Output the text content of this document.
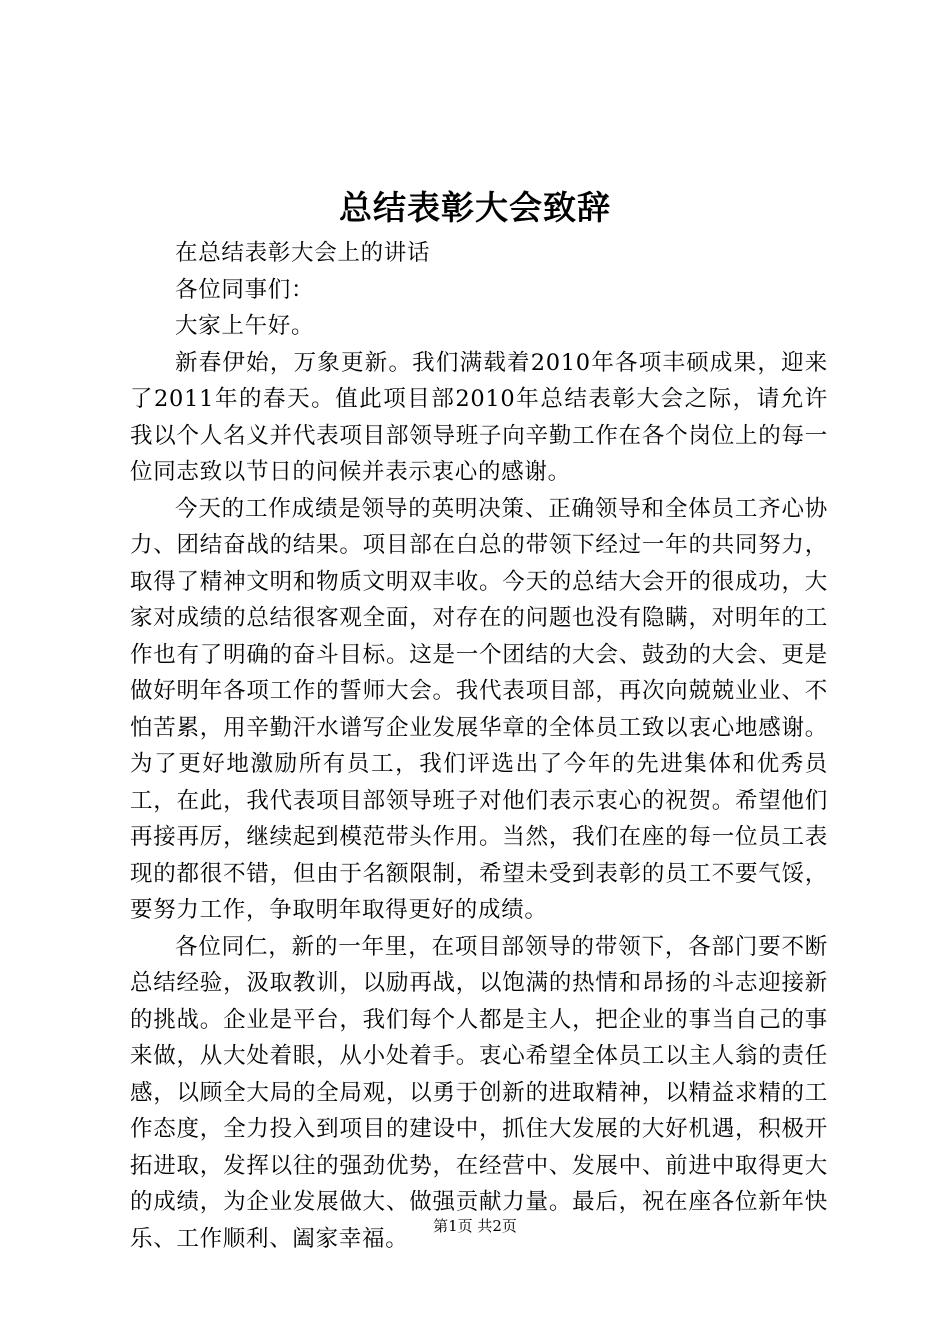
总结表彰大会致辞

在总结表彰大会上的讲话

各位同事们：

大家上午好。

新春伊始，万象更新。我们满载着2010年各项丰硕成果，迎来了2011年的春天。值此项目部2010年总结表彰大会之际，请允许我以个人名义并代表项目部领导班子向辛勤工作在各个岗位上的每一位同志致以节日的问候并表示衷心的感谢。

今天的工作成绩是领导的英明决策、正确领导和全体员工齐心协力、团结奋战的结果。项目部在白总的带领下经过一年的共同努力，取得了精神文明和物质文明双丰收。今天的总结大会开的很成功，大家对成绩的总结很客观全面，对存在的问题也没有隐瞒，对明年的工作也有了明确的奋斗目标。这是一个团结的大会、鼓劲的大会、更是做好明年各项工作的誓师大会。我代表项目部，再次向兢兢业业、不怕苦累，用辛勤汗水谱写企业发展华章的全体员工致以衷心地感谢。为了更好地激励所有员工，我们评选出了今年的先进集体和优秀员工，在此，我代表项目部领导班子对他们表示衷心的祝贺。希望他们再接再厉，继续起到模范带头作用。当然，我们在座的每一位员工表现的都很不错，但由于名额限制，希望未受到表彰的员工不要气馁，要努力工作，争取明年取得更好的成绩。

各位同仁，新的一年里，在项目部领导的带领下，各部门要不断总结经验，汲取教训，以励再战，以饱满的热情和昂扬的斗志迎接新的挑战。企业是平台，我们每个人都是主人，把企业的事当自己的事来做，从大处着眼，从小处着手。衷心希望全体员工以主人翁的责任感，以顾全大局的全局观，以勇于创新的进取精神，以精益求精的工作态度，全力投入到项目的建设中，抓住大发展的大好机遇，积极开拓进取，发挥以往的强劲优势，在经营中、发展中、前进中取得更大的成绩，为企业发展做大、做强贡献力量。最后，祝在座各位新年快乐、工作顺利、阖家幸福。	第1页 共2页
